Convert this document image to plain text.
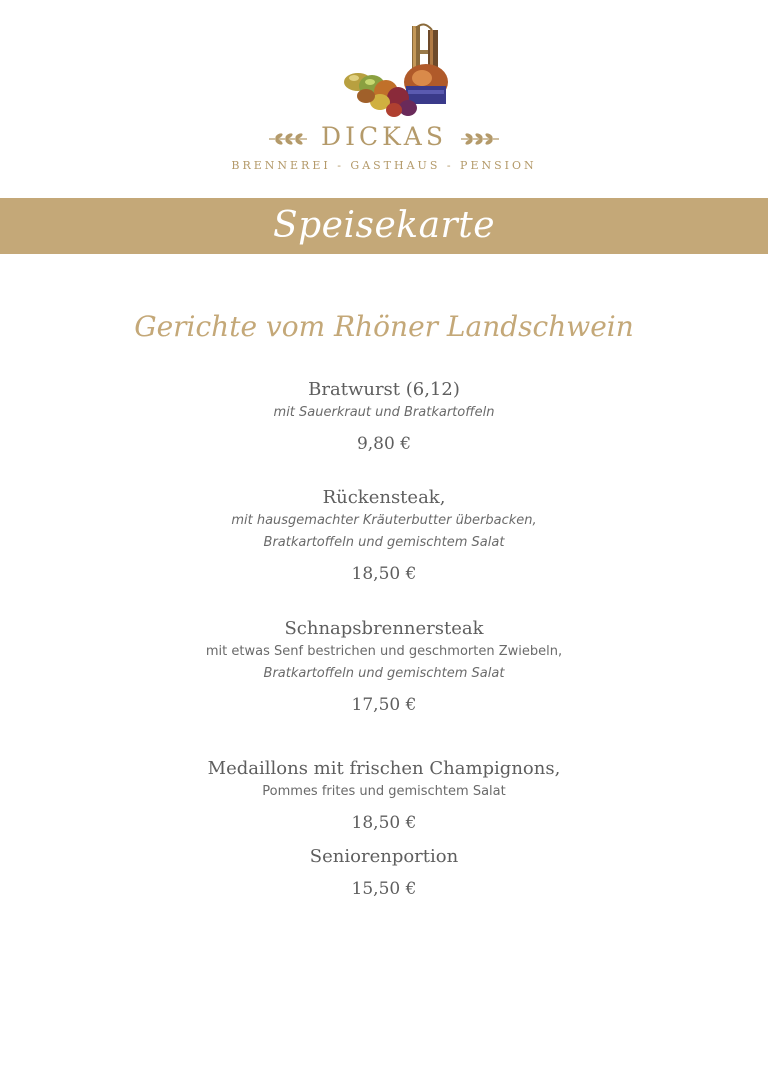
DICKAS
BRENNEREI - GASTHAUS - PENSION
Speisekarte
Gerichte vom Rhöner Landschwein
Bratwurst (6,12)
mit Sauerkraut und Bratkartoffeln
9,80 €
Rückensteak,
mit hausgemachter Kräuterbutter überbacken,
Bratkartoffeln und gemischtem Salat
18,50 €
Schnapsbrennersteak
mit etwas Senf bestrichen und geschmorten Zwiebeln,
Bratkartoffeln und gemischtem Salat
17,50 €
Medaillons mit frischen Champignons,
Pommes frites und gemischtem Salat
18,50 €
Seniorenportion
15,50 €
